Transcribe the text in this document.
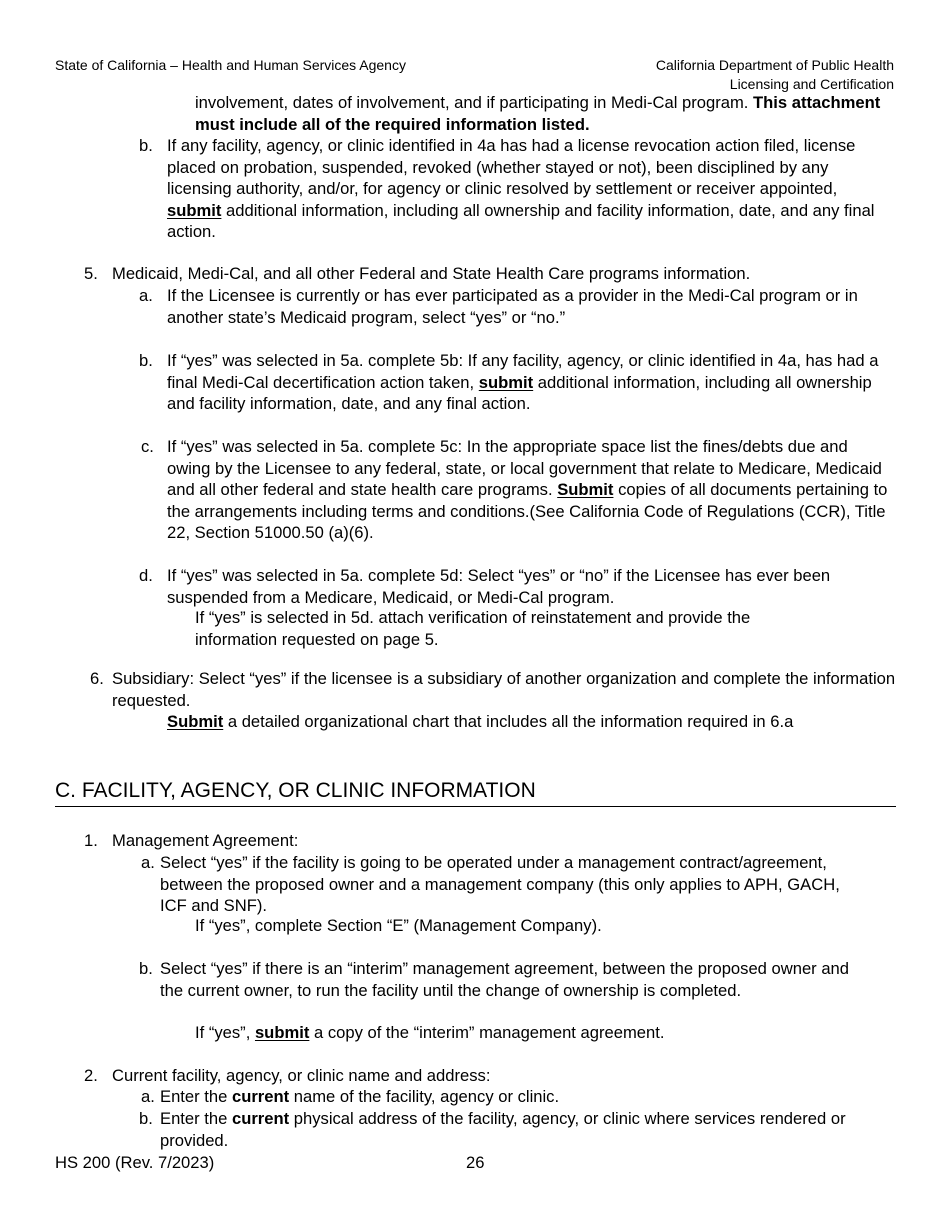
State of California – Health and Human Services Agency	California Department of Public Health
Licensing and Certification
involvement, dates of involvement, and if participating in Medi-Cal program. This attachment must include all of the required information listed.
b. If any facility, agency, or clinic identified in 4a has had a license revocation action filed, license placed on probation, suspended, revoked (whether stayed or not), been disciplined by any licensing authority, and/or, for agency or clinic resolved by settlement or receiver appointed, submit additional information, including all ownership and facility information, date, and any final action.
5. Medicaid, Medi-Cal, and all other Federal and State Health Care programs information.
a. If the Licensee is currently or has ever participated as a provider in the Medi-Cal program or in another state’s Medicaid program, select “yes” or “no.”
b. If “yes” was selected in 5a. complete 5b: If any facility, agency, or clinic identified in 4a, has had a final Medi-Cal decertification action taken, submit additional information, including all ownership and facility information, date, and any final action.
c. If “yes” was selected in 5a. complete 5c: In the appropriate space list the fines/debts due and owing by the Licensee to any federal, state, or local government that relate to Medicare, Medicaid and all other federal and state health care programs. Submit copies of all documents pertaining to the arrangements including terms and conditions.(See California Code of Regulations (CCR), Title 22, Section 51000.50 (a)(6).
d. If “yes” was selected in 5a. complete 5d: Select “yes” or “no” if the Licensee has ever been suspended from a Medicare, Medicaid, or Medi-Cal program.
If “yes” is selected in 5d. attach verification of reinstatement and provide the information requested on page 5.
6. Subsidiary: Select “yes” if the licensee is a subsidiary of another organization and complete the information requested.
Submit a detailed organizational chart that includes all the information required in 6.a
C. FACILITY, AGENCY, OR CLINIC INFORMATION
1. Management Agreement:
a. Select “yes” if the facility is going to be operated under a management contract/agreement, between the proposed owner and a management company (this only applies to APH, GACH, ICF and SNF).
If “yes”, complete Section “E” (Management Company).
b. Select “yes” if there is an “interim” management agreement, between the proposed owner and the current owner, to run the facility until the change of ownership is completed.
If “yes”, submit a copy of the “interim” management agreement.
2. Current facility, agency, or clinic name and address:
a. Enter the current name of the facility, agency or clinic.
b. Enter the current physical address of the facility, agency, or clinic where services rendered or provided.
HS 200 (Rev. 7/2023)	26
